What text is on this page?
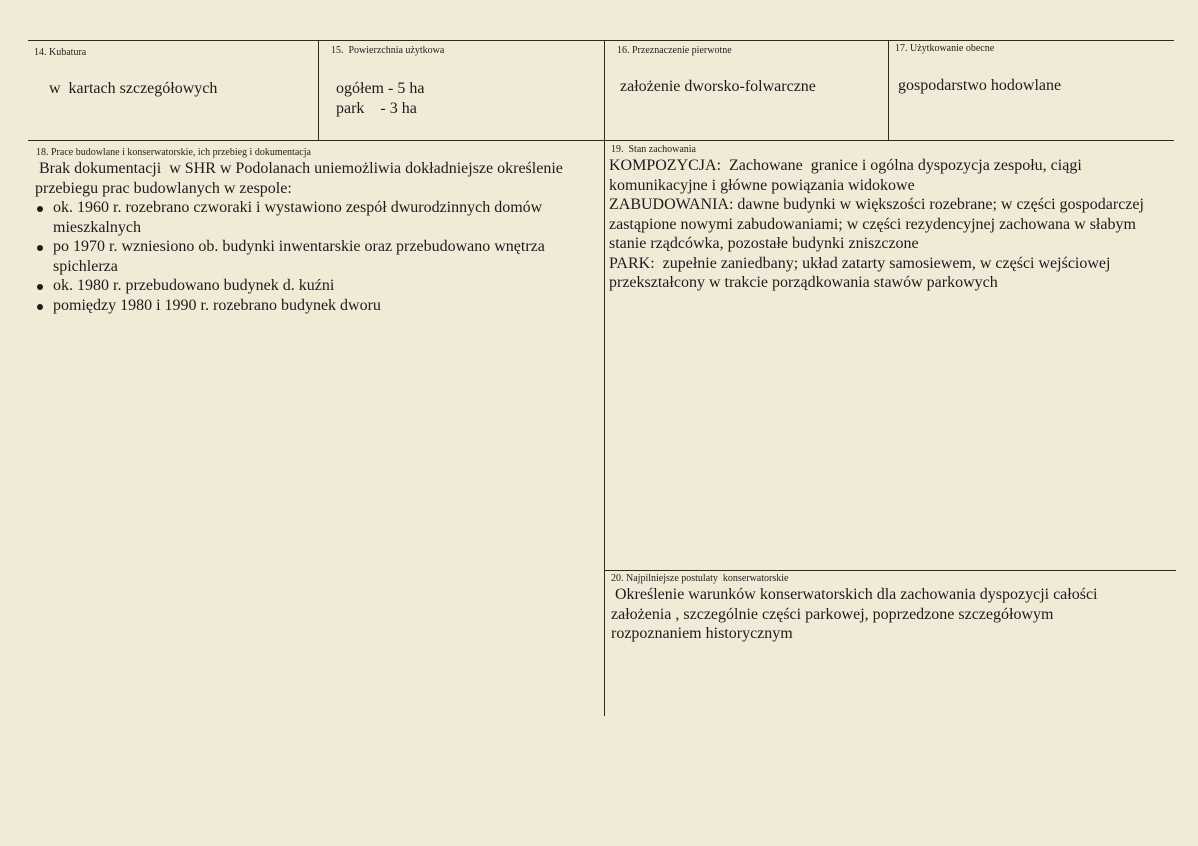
14. Kubatura
w  kartach szczegółowych
15.  Powierzchnia użytkowa

ogółem - 5 ha

park    - 3 ha

16. Przeznaczenie pierwotne
założenie dworsko-folwarczne
17. Użytkowanie obecne
gospodarstwo hodowlane
18. Prace budowlane i konserwatorskie, ich przebieg i dokumentacja

Brak dokumentacji  w SHR w Podolanach uniemożliwia dokładniejsze określenie przebiegu prac budowlanych w zespole:

ok. 1960 r. rozebrano czworaki i wystawiono zespół dwurodzinnych domów mieszkalnych
po 1970 r. wzniesiono ob. budynki inwentarskie oraz przebudowano wnętrza spichlerza
ok. 1980 r. przebudowano budynek d. kuźni
pomiędzy 1980 i 1990 r. rozebrano budynek dworu
19.  Stan zachowania

KOMPOZYCJA:  Zachowane  granice i ogólna dyspozycja zespołu, ciągi komunikacyjne i główne powiązania widokowe

ZABUDOWANIA: dawne budynki w większości rozebrane; w części gospodarczej zastąpione nowymi zabudowaniami; w części rezydencyjnej zachowana w słabym stanie rządcówka, pozostałe budynki zniszczone

PARK:  zupełnie zaniedbany; układ zatarty samosiewem, w części wejściowej przekształcony w trakcie porządkowania stawów parkowych

20. Najpilniejsze postulaty  konserwatorskie
Określenie warunków konserwatorskich dla zachowania dyspozycji całości założenia , szczególnie części parkowej, poprzedzone szczegółowym rozpoznaniem historycznym
